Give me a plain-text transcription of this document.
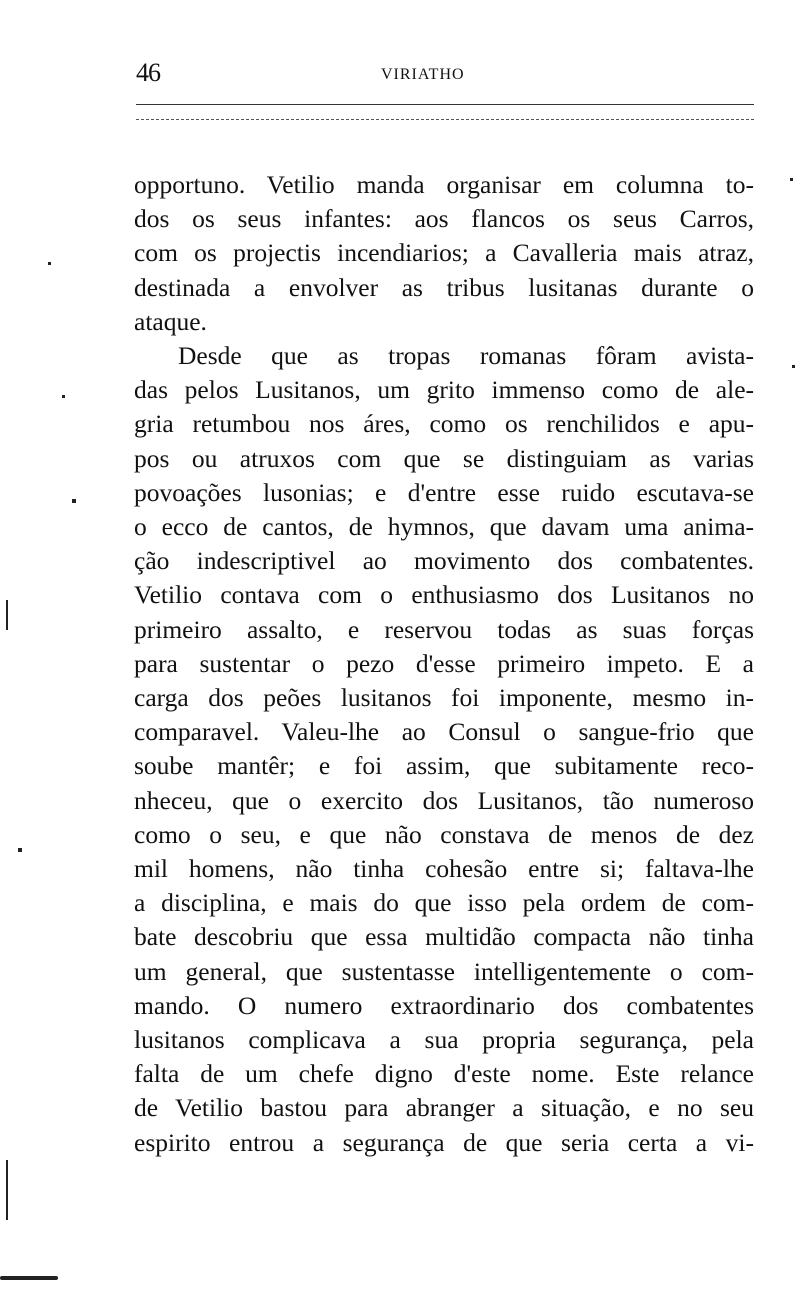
46	VIRIATHO

opportuno. Vetilio manda organisar em columna to-
dos os seus infantes: aos flancos os seus Carros,
com os projectis incendiarios; a Cavalleria mais atraz,
destinada a envolver as tribus lusitanas durante o
ataque.

Desde que as tropas romanas fôram avista-
das pelos Lusitanos, um grito immenso como de ale-
gria retumbou nos áres, como os renchilidos e apu-
pos ou atruxos com que se distinguiam as varias
povoações lusonias; e d'entre esse ruido escutava-se
o ecco de cantos, de hymnos, que davam uma anima-
ção indescriptivel ao movimento dos combatentes.
Vetilio contava com o enthusiasmo dos Lusitanos no
primeiro assalto, e reservou todas as suas forças
para sustentar o pezo d'esse primeiro impeto. E a
carga dos peões lusitanos foi imponente, mesmo in-
comparavel. Valeu-lhe ao Consul o sangue-frio que
soube mantêr; e foi assim, que subitamente reco-
nheceu, que o exercito dos Lusitanos, tão numeroso
como o seu, e que não constava de menos de dez
mil homens, não tinha cohesão entre si; faltava-lhe
a disciplina, e mais do que isso pela ordem de com-
bate descobriu que essa multidão compacta não tinha
um general, que sustentasse intelligentemente o com-
mando. O numero extraordinario dos combatentes
lusitanos complicava a sua propria segurança, pela
falta de um chefe digno d'este nome. Este relance
de Vetilio bastou para abranger a situação, e no seu
espirito entrou a segurança de que seria certa a vi-
